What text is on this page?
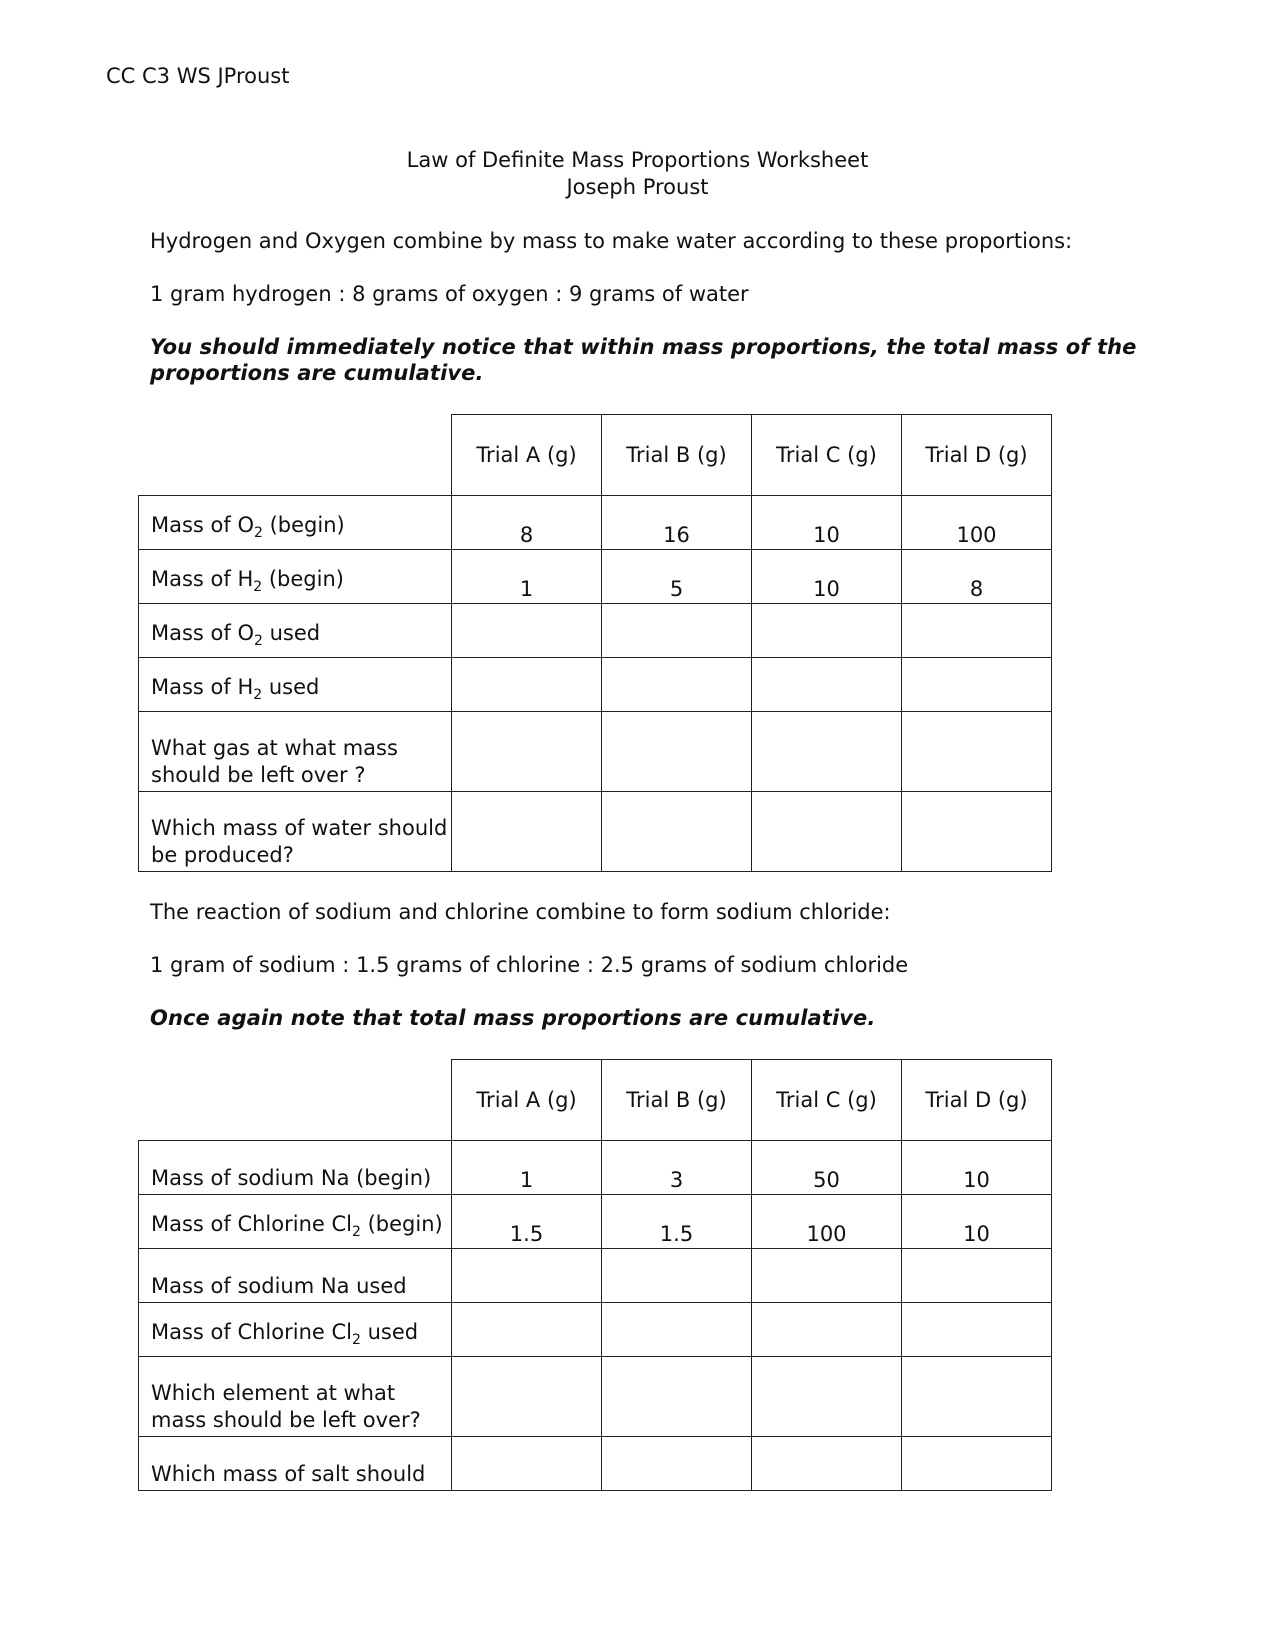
CC C3 WS JProust
Law of Definite Mass Proportions Worksheet
Joseph Proust
Hydrogen and Oxygen combine by mass to make water according to these proportions:
1 gram hydrogen : 8 grams of oxygen : 9 grams of water
You should immediately notice that within mass proportions, the total mass of the
proportions are cumulative.
	Trial A (g)	Trial B (g)	Trial C (g)	Trial D (g)
Mass of $O_2$ (begin)	8	16	10	100
Mass of $H_2$ (begin)	1	5	10	8
Mass of $O_2$ used				
Mass of $H_2$ used				

What gas at what mass
should be left over ?				

Which mass of water should
be produced?				

The reaction of sodium and chlorine combine to form sodium chloride:
1 gram of sodium : 1.5 grams of chlorine : 2.5 grams of sodium chloride
Once again note that total mass proportions are cumulative.
	Trial A (g)	Trial B (g)	Trial C (g)	Trial D (g)
Mass of sodium Na (begin)	1	3	50	10
Mass of Chlorine $Cl_2$ (begin)	1.5	1.5	100	10
Mass of sodium Na used				
Mass of Chlorine $Cl_2$ used				

Which element at what
mass should be left over?				

Which mass of salt should				
